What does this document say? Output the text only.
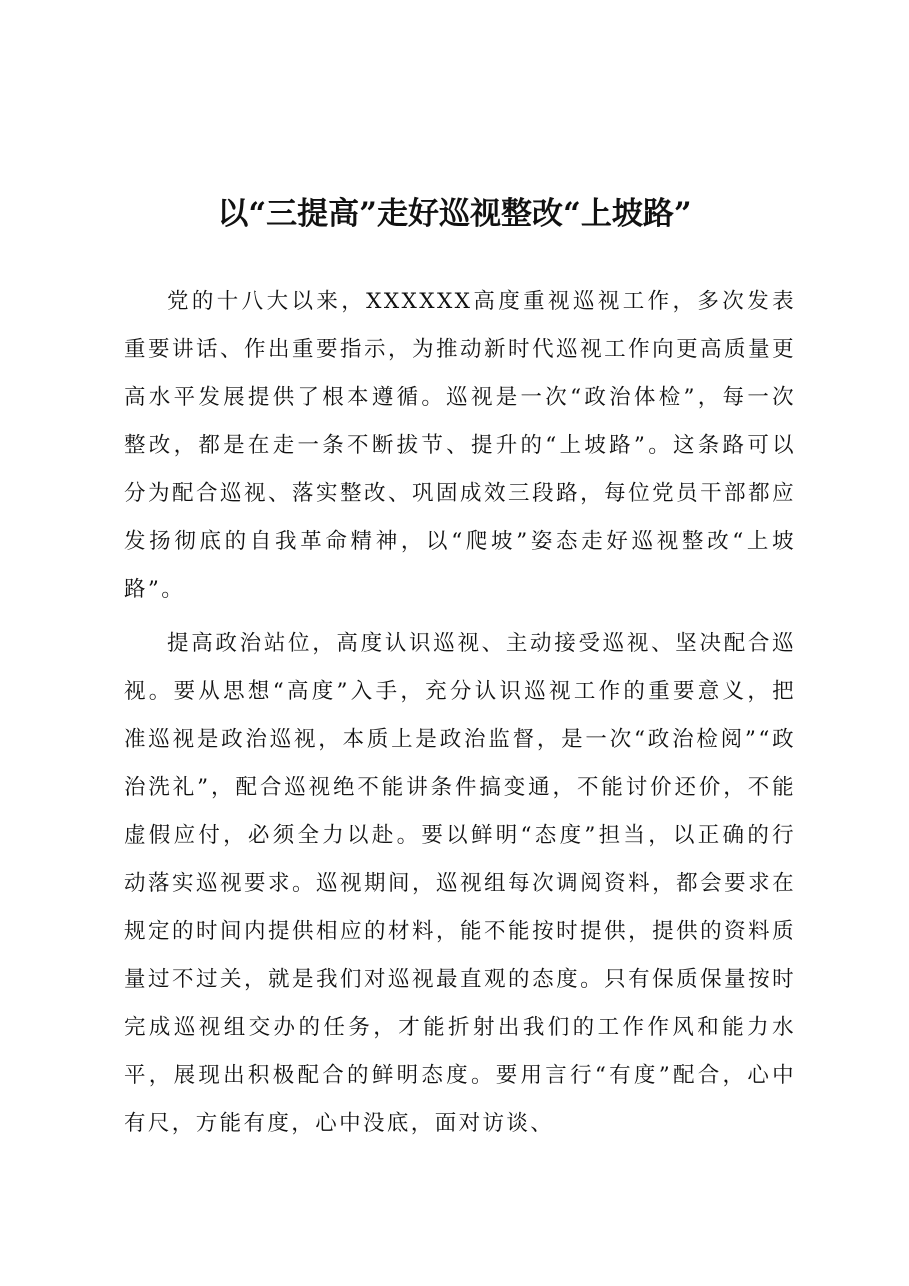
以“三提高”走好巡视整改“上坡路”

党的十八大以来，XXXXXX高度重视巡视工作，多次发表重要讲话、作出重要指示，为推动新时代巡视工作向更高质量更高水平发展提供了根本遵循。巡视是一次“政治体检”，每一次整改，都是在走一条不断拔节、提升的“上坡路”。这条路可以分为配合巡视、落实整改、巩固成效三段路，每位党员干部都应发扬彻底的自我革命精神，以“爬坡”姿态走好巡视整改“上坡路”。

提高政治站位，高度认识巡视、主动接受巡视、坚决配合巡视。要从思想“高度”入手，充分认识巡视工作的重要意义，把准巡视是政治巡视，本质上是政治监督，是一次“政治检阅”“政治洗礼”，配合巡视绝不能讲条件搞变通，不能讨价还价，不能虚假应付，必须全力以赴。要以鲜明“态度”担当，以正确的行动落实巡视要求。巡视期间，巡视组每次调阅资料，都会要求在规定的时间内提供相应的材料，能不能按时提供，提供的资料质量过不过关，就是我们对巡视最直观的态度。只有保质保量按时完成巡视组交办的任务，才能折射出我们的工作作风和能力水平，展现出积极配合的鲜明态度。要用言行“有度”配合，心中有尺，方能有度，心中没底，面对访谈、
